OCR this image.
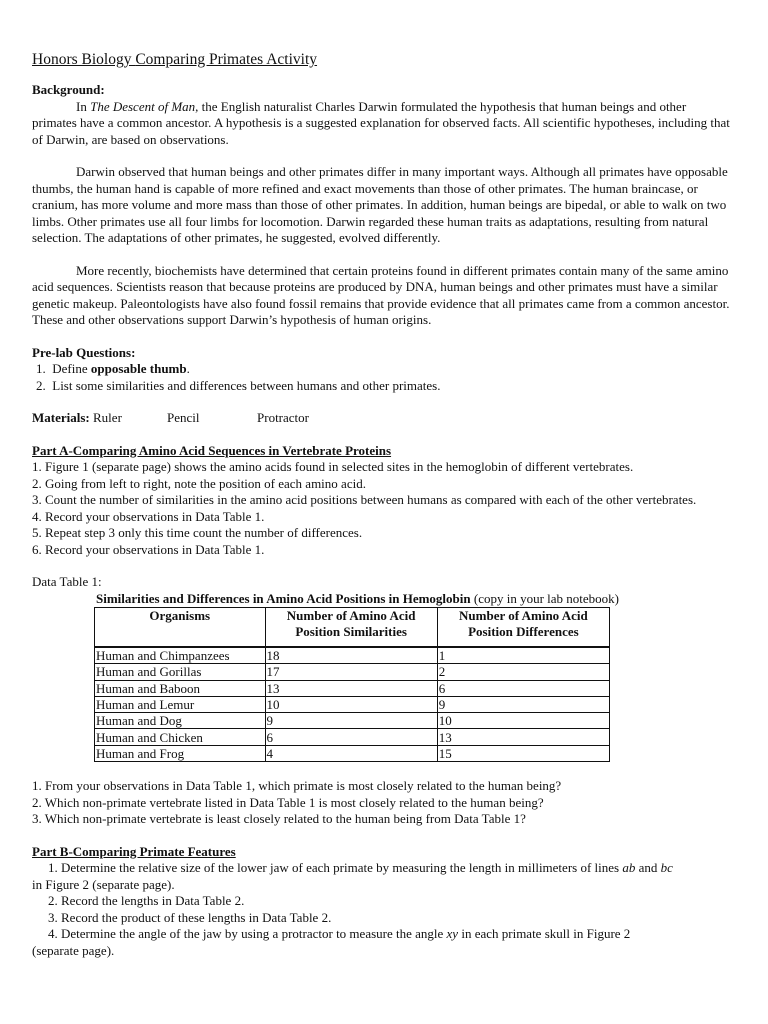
Honors Biology Comparing Primates Activity
Background:

In The Descent of Man, the English naturalist Charles Darwin formulated the hypothesis that human beings and other primates have a common ancestor. A hypothesis is a suggested explanation for observed facts. All scientific hypotheses, including that of Darwin, are based on observations.

Darwin observed that human beings and other primates differ in many important ways. Although all primates have opposable thumbs, the human hand is capable of more refined and exact movements than those of other primates. The human braincase, or cranium, has more volume and more mass than those of other primates. In addition, human beings are bipedal, or able to walk on two limbs. Other primates use all four limbs for locomotion. Darwin regarded these human traits as adaptations, resulting from natural selection. The adaptations of other primates, he suggested, evolved differently.

More recently, biochemists have determined that certain proteins found in different primates contain many of the same amino acid sequences. Scientists reason that because proteins are produced by DNA, human beings and other primates must have a similar genetic makeup. Paleontologists have also found fossil remains that provide evidence that all primates came from a common ancestor. These and other observations support Darwin’s hypothesis of human origins.

Pre-lab Questions:
1. Define opposable thumb.
2. List some similarities and differences between humans and other primates.
Materials: Ruler	Pencil	Protractor
Part A-Comparing Amino Acid Sequences in Vertebrate Proteins
1. Figure 1 (separate page) shows the amino acids found in selected sites in the hemoglobin of different vertebrates.
2. Going from left to right, note the position of each amino acid.
3. Count the number of similarities in the amino acid positions between humans as compared with each of the other vertebrates.
4. Record your observations in Data Table 1.
5. Repeat step 3 only this time count the number of differences.
6. Record your observations in Data Table 1.
Data Table 1:
Similarities and Differences in Amino Acid Positions in Hemoglobin (copy in your lab notebook)
Organisms	Number of Amino Acid Position Similarities	Number of Amino Acid Position Differences
Human and Chimpanzees	18	1
Human and Gorillas	17	2
Human and Baboon	13	6
Human and Lemur	10	9
Human and Dog	9	10
Human and Chicken	6	13
Human and Frog	4	15
1. From your observations in Data Table 1, which primate is most closely related to the human being?
2. Which non-primate vertebrate listed in Data Table 1 is most closely related to the human being?
3. Which non-primate vertebrate is least closely related to the human being from Data Table 1?
Part B-Comparing Primate Features
1. Determine the relative size of the lower jaw of each primate by measuring the length in millimeters of lines ab and bc
in Figure 2 (separate page).
2. Record the lengths in Data Table 2.
3. Record the product of these lengths in Data Table 2.
4. Determine the angle of the jaw by using a protractor to measure the angle xy in each primate skull in Figure 2
(separate page).
